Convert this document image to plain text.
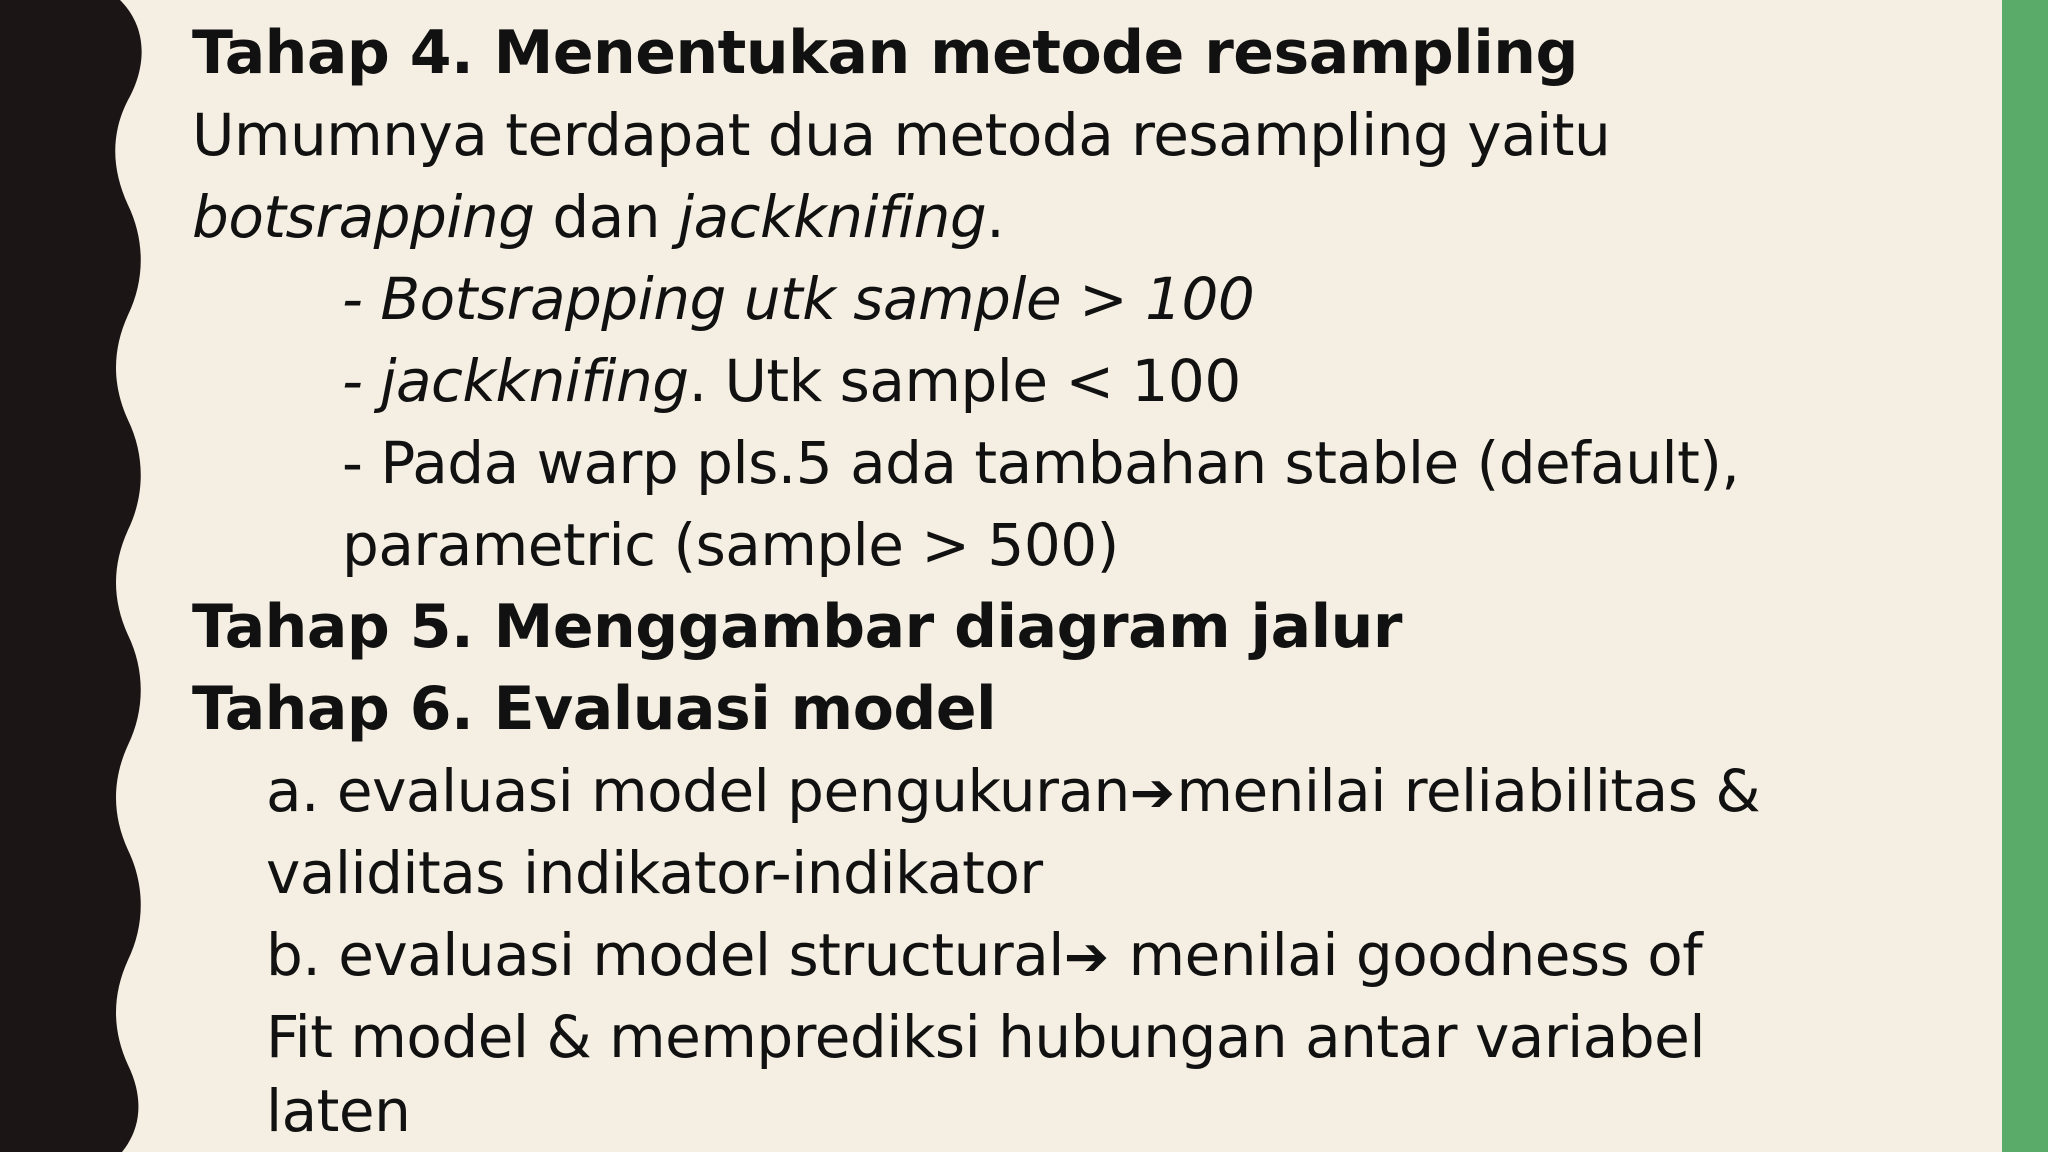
Tahap 4. Menentukan metode resampling
Umumnya terdapat dua metoda resampling yaitu
botsrapping dan jackknifing.
- Botsrapping utk sample > 100
- jackknifing. Utk sample < 100
- Pada warp pls.5 ada tambahan stable (default),
parametric (sample > 500)
Tahap 5. Menggambar diagram jalur
Tahap 6. Evaluasi model
a. evaluasi model pengukuran➔menilai reliabilitas &
validitas indikator-indikator
b. evaluasi model structural➔ menilai goodness of
Fit model & memprediksi hubungan antar variabel
laten
